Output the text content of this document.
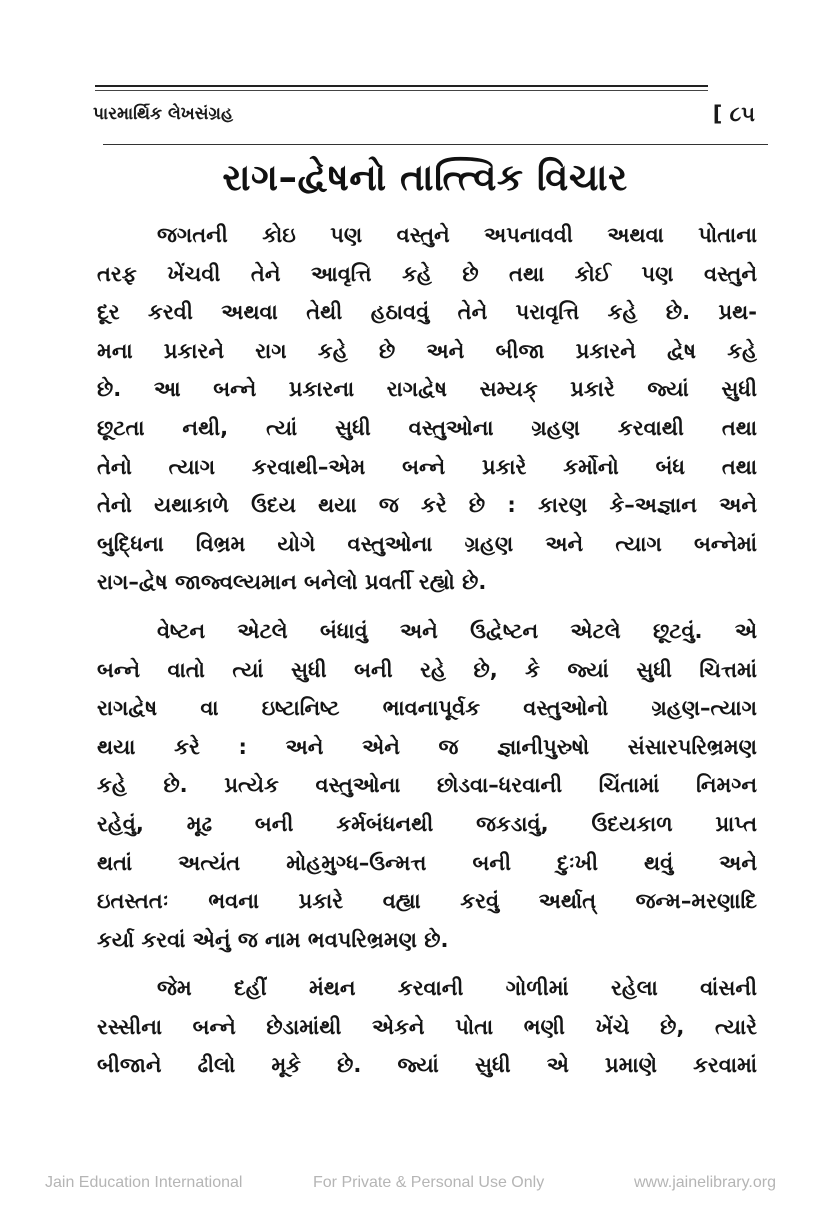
પારમાર્થિક લેખસંગ્રહ	[ ૮૫
રાગ–દ્વેષનો તાત્ત્વિક વિચાર

જગતની કોઇ પણ વસ્તુને અપનાવવી અથવા પોતાના
તરફ ખેંચવી તેને આવૃત્તિ કહે છે તથા કોઈ પણ વસ્તુને
દૂર કરવી અથવા તેથી હઠાવવું તેને પરાવૃત્તિ કહે છે. પ્રથ-
મના પ્રકારને રાગ કહે છે અને બીજા પ્રકારને દ્વેષ કહે
છે. આ બન્ને પ્રકારના રાગદ્વેષ સમ્યક્ પ્રકારે જ્યાં સુધી
છૂટતા નથી, ત્યાં સુધી વસ્તુઓના ગ્રહણ કરવાથી તથા
તેનો ત્યાગ કરવાથી–એમ બન્ને પ્રકારે કર્મોનો બંધ તથા
તેનો યથાકાળે ઉદય થયા જ કરે છે : કારણ કે–અજ્ઞાન અને
બુદ્ધિના વિભ્રમ યોગે વસ્તુઓના ગ્રહણ અને ત્યાગ બન્નેમાં
રાગ–દ્વેષ જાજ્વલ્યમાન બનેલો પ્રવર્તી રહ્યો છે.

વેષ્ટન એટલે બંધાવું અને ઉદ્વેષ્ટન એટલે છૂટવું. એ
બન્ને વાતો ત્યાં સુધી બની રહે છે, કે જ્યાં સુધી ચિત્તમાં
રાગદ્વેષ વા ઇષ્ટાનિષ્ટ ભાવનાપૂર્વક વસ્તુઓનો ગ્રહણ–ત્યાગ
થયા કરે : અને એને જ જ્ઞાનીપુરુષો સંસારપરિભ્રમણ
કહે છે. પ્રત્યેક વસ્તુઓના છોડવા–ધરવાની ચિંતામાં નિમગ્ન
રહેવું, મૂઢ બની કર્મબંધનથી જકડાવું, ઉદયકાળ પ્રાપ્ત
થતાં અત્યંત મોહમુગ્ધ–ઉન્મત્ત બની દુઃખી થવું અને
ઇતસ્તતઃ ભવના પ્રકારે વહ્યા કરવું અર્થાત્ જન્મ–મરણાદિ
કર્યા કરવાં એનું જ નામ ભવપરિભ્રમણ છે.

જેમ દહીં મંથન કરવાની ગોળીમાં રહેલા વાંસની
રસ્સીના બન્ને છેડામાંથી એકને પોતા ભણી ખેંચે છે, ત્યારે
બીજાને ઢીલો મૂકે છે. જ્યાં સુધી એ પ્રમાણે કરવામાં

Jain Education International	For Private & Personal Use Only	www.jainelibrary.org
